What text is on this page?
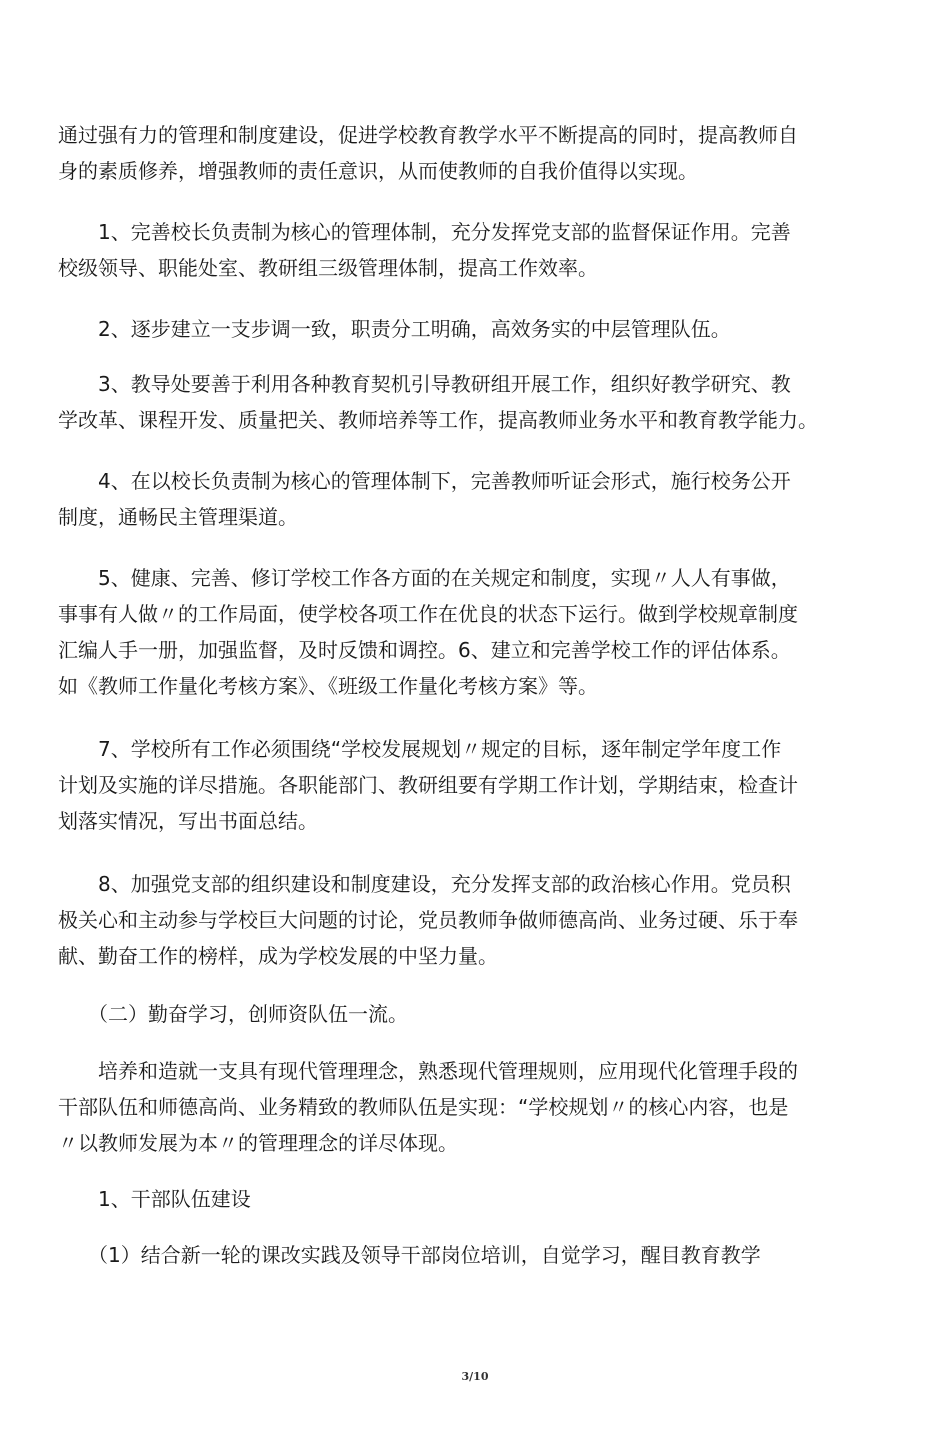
通过强有力的管理和制度建设，促进学校教育教学水平不断提高的同时，提高教师自
身的素质修养，增强教师的责任意识，从而使教师的自我价值得以实现。

　　1、完善校长负责制为核心的管理体制，充分发挥党支部的监督保证作用。完善
校级领导、职能处室、教研组三级管理体制，提高工作效率。

　　2、逐步建立一支步调一致，职责分工明确，高效务实的中层管理队伍。

　　3、教导处要善于利用各种教育契机引导教研组开展工作，组织好教学研究、教
学改革、课程开发、质量把关、教师培养等工作，提高教师业务水平和教育教学能力。

　　4、在以校长负责制为核心的管理体制下，完善教师听证会形式，施行校务公开
制度，通畅民主管理渠道。

　　5、健康、完善、修订学校工作各方面的在关规定和制度，实现〃人人有事做，
事事有人做〃的工作局面，使学校各项工作在优良的状态下运行。做到学校规章制度
汇编人手一册，加强监督，及时反馈和调控。6、建立和完善学校工作的评估体系。
如《教师工作量化考核方案》、《班级工作量化考核方案》等。

　　7、学校所有工作必须围绕“学校发展规划〃规定的目标，逐年制定学年度工作
计划及实施的详尽措施。各职能部门、教研组要有学期工作计划，学期结束，检查计
划落实情况，写出书面总结。

　　8、加强党支部的组织建设和制度建设，充分发挥支部的政治核心作用。党员积
极关心和主动参与学校巨大问题的讨论，党员教师争做师德高尚、业务过硬、乐于奉
献、勤奋工作的榜样，成为学校发展的中坚力量。

　　（二）勤奋学习，创师资队伍一流。

　　培养和造就一支具有现代管理理念，熟悉现代管理规则，应用现代化管理手段的
干部队伍和师德高尚、业务精致的教师队伍是实现：“学校规划〃的核心内容，也是
〃以教师发展为本〃的管理理念的详尽体现。

　　1、干部队伍建设

　　（1）结合新一轮的课改实践及领导干部岗位培训，自觉学习，醒目教育教学

3/10
